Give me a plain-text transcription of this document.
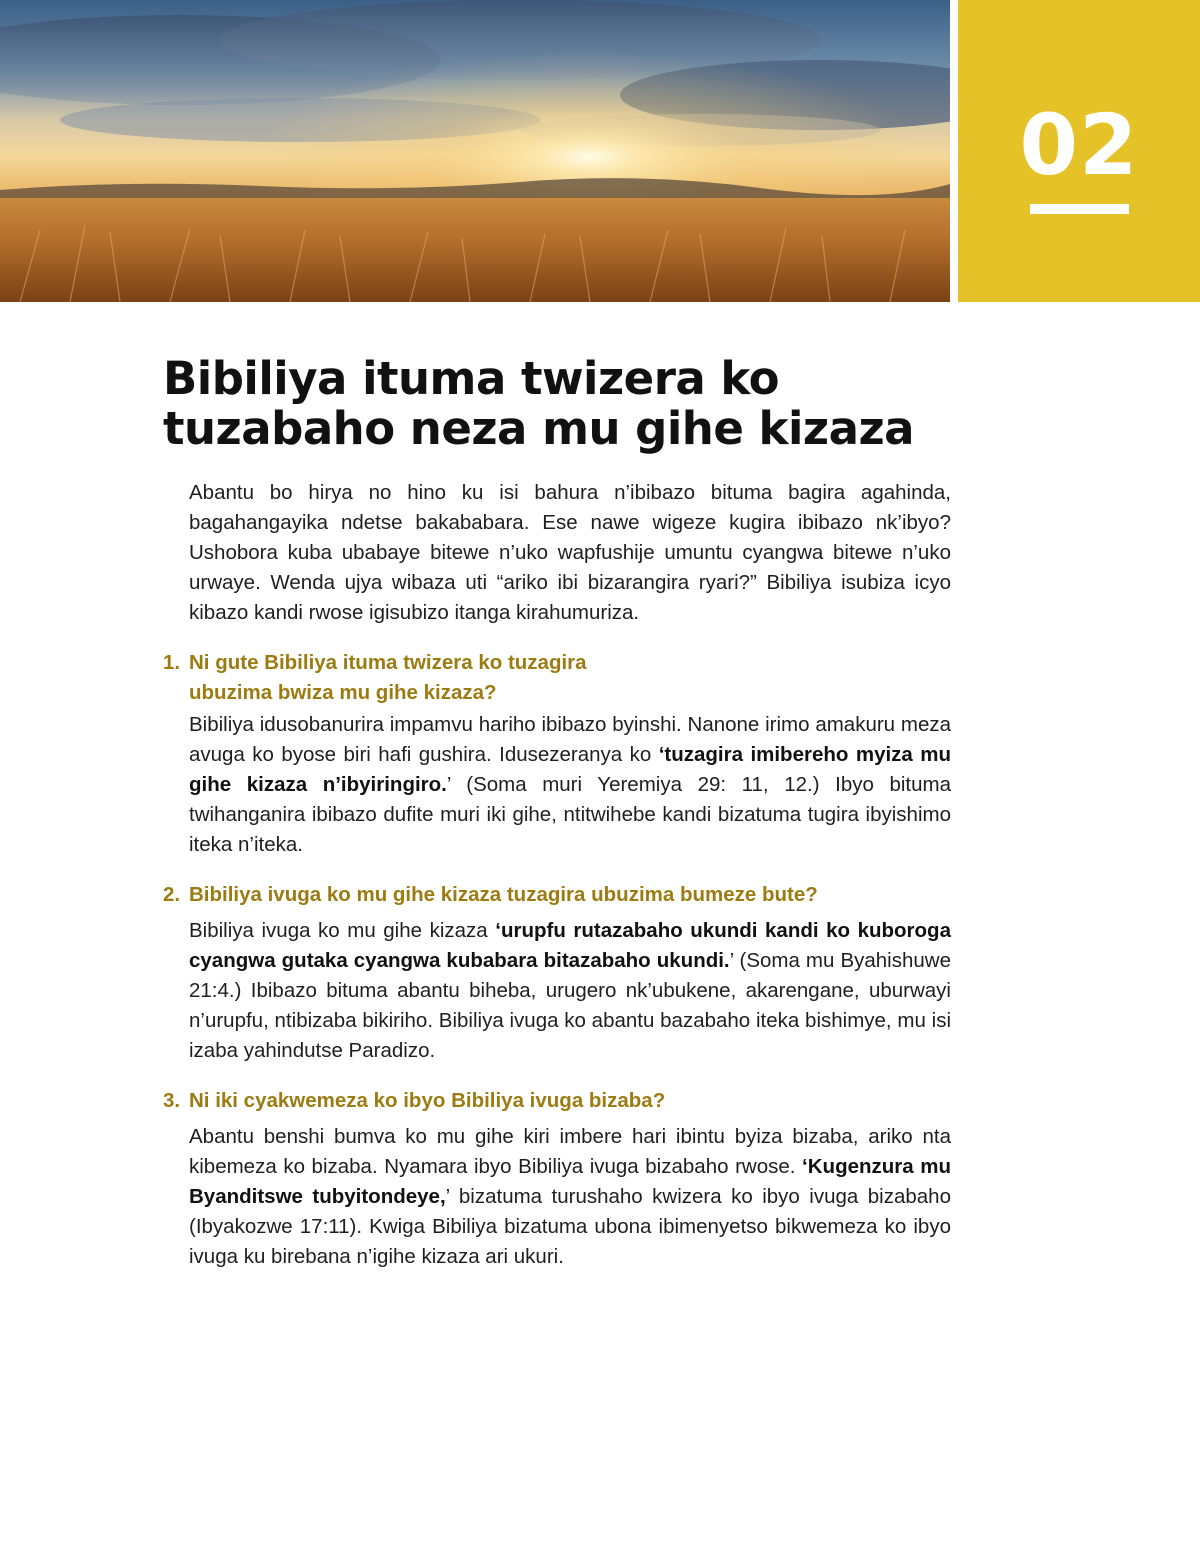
02
Bibiliya ituma twizera ko
tuzabaho neza mu gihe kizaza

Abantu bo hirya no hino ku isi bahura n’ibibazo bituma bagira agahinda, bagahangayika ndetse bakababara. Ese nawe wigeze kugira ibibazo nk’ibyo? Ushobora kuba ubabaye bitewe n’uko wapfushije umuntu cyangwa bitewe n’uko urwaye. Wenda ujya wibaza uti “ariko ibi bizarangira ryari?” Bibiliya isubiza icyo kibazo kandi rwose igisubizo itanga kirahumuriza.

1. Ni gute Bibiliya ituma twizera ko tuzagira
ubuzima bwiza mu gihe kizaza?

Bibiliya idusobanurira impamvu hariho ibibazo byinshi. Nanone irimo amakuru meza avuga ko byose biri hafi gushira. Idusezeranya ko ‘tuzagira imibereho myiza mu gihe kizaza n’ibyiringiro.’ (Soma muri Yeremiya 29: 11, 12.) Ibyo bituma twihanganira ibibazo dufite muri iki gihe, ntitwihebe kandi bizatuma tugira ibyishimo iteka n’iteka.

2. Bibiliya ivuga ko mu gihe kizaza tuzagira ubuzima bumeze bute?

Bibiliya ivuga ko mu gihe kizaza ‘urupfu rutazabaho ukundi kandi ko kuboroga cyangwa gutaka cyangwa kubabara bitazabaho ukundi.’ (Soma mu Byahishuwe 21:4.) Ibibazo bituma abantu biheba, urugero nk’ubukene, akarengane, uburwayi n’urupfu, ntibizaba bikiriho. Bibiliya ivuga ko abantu bazabaho iteka bishimye, mu isi izaba yahindutse Paradizo.

3. Ni iki cyakwemeza ko ibyo Bibiliya ivuga bizaba?

Abantu benshi bumva ko mu gihe kiri imbere hari ibintu byiza bizaba, ariko nta kibemeza ko bizaba. Nyamara ibyo Bibiliya ivuga bizabaho rwose. ‘Kugenzura mu Byanditswe tubyitondeye,’ bizatuma turushaho kwizera ko ibyo ivuga bizabaho (Ibyakozwe 17:11). Kwiga Bibiliya bizatuma ubona ibimenyetso bikwemeza ko ibyo ivuga ku birebana n’igihe kizaza ari ukuri.
